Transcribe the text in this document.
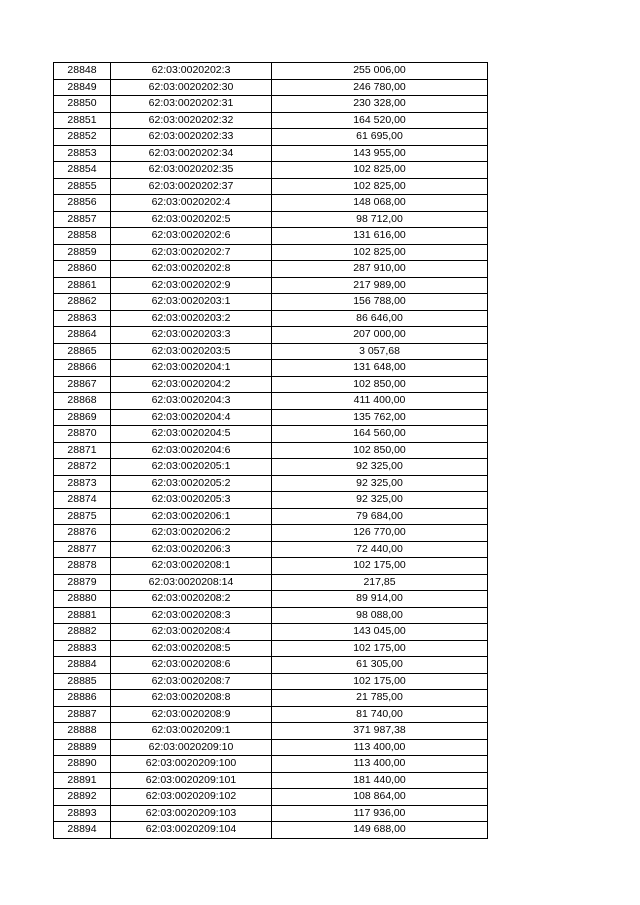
28848	62:03:0020202:3	255 006,00
28849	62:03:0020202:30	246 780,00
28850	62:03:0020202:31	230 328,00
28851	62:03:0020202:32	164 520,00
28852	62:03:0020202:33	61 695,00
28853	62:03:0020202:34	143 955,00
28854	62:03:0020202:35	102 825,00
28855	62:03:0020202:37	102 825,00
28856	62:03:0020202:4	148 068,00
28857	62:03:0020202:5	98 712,00
28858	62:03:0020202:6	131 616,00
28859	62:03:0020202:7	102 825,00
28860	62:03:0020202:8	287 910,00
28861	62:03:0020202:9	217 989,00
28862	62:03:0020203:1	156 788,00
28863	62:03:0020203:2	86 646,00
28864	62:03:0020203:3	207 000,00
28865	62:03:0020203:5	3 057,68
28866	62:03:0020204:1	131 648,00
28867	62:03:0020204:2	102 850,00
28868	62:03:0020204:3	411 400,00
28869	62:03:0020204:4	135 762,00
28870	62:03:0020204:5	164 560,00
28871	62:03:0020204:6	102 850,00
28872	62:03:0020205:1	92 325,00
28873	62:03:0020205:2	92 325,00
28874	62:03:0020205:3	92 325,00
28875	62:03:0020206:1	79 684,00
28876	62:03:0020206:2	126 770,00
28877	62:03:0020206:3	72 440,00
28878	62:03:0020208:1	102 175,00
28879	62:03:0020208:14	217,85
28880	62:03:0020208:2	89 914,00
28881	62:03:0020208:3	98 088,00
28882	62:03:0020208:4	143 045,00
28883	62:03:0020208:5	102 175,00
28884	62:03:0020208:6	61 305,00
28885	62:03:0020208:7	102 175,00
28886	62:03:0020208:8	21 785,00
28887	62:03:0020208:9	81 740,00
28888	62:03:0020209:1	371 987,38
28889	62:03:0020209:10	113 400,00
28890	62:03:0020209:100	113 400,00
28891	62:03:0020209:101	181 440,00
28892	62:03:0020209:102	108 864,00
28893	62:03:0020209:103	117 936,00
28894	62:03:0020209:104	149 688,00
